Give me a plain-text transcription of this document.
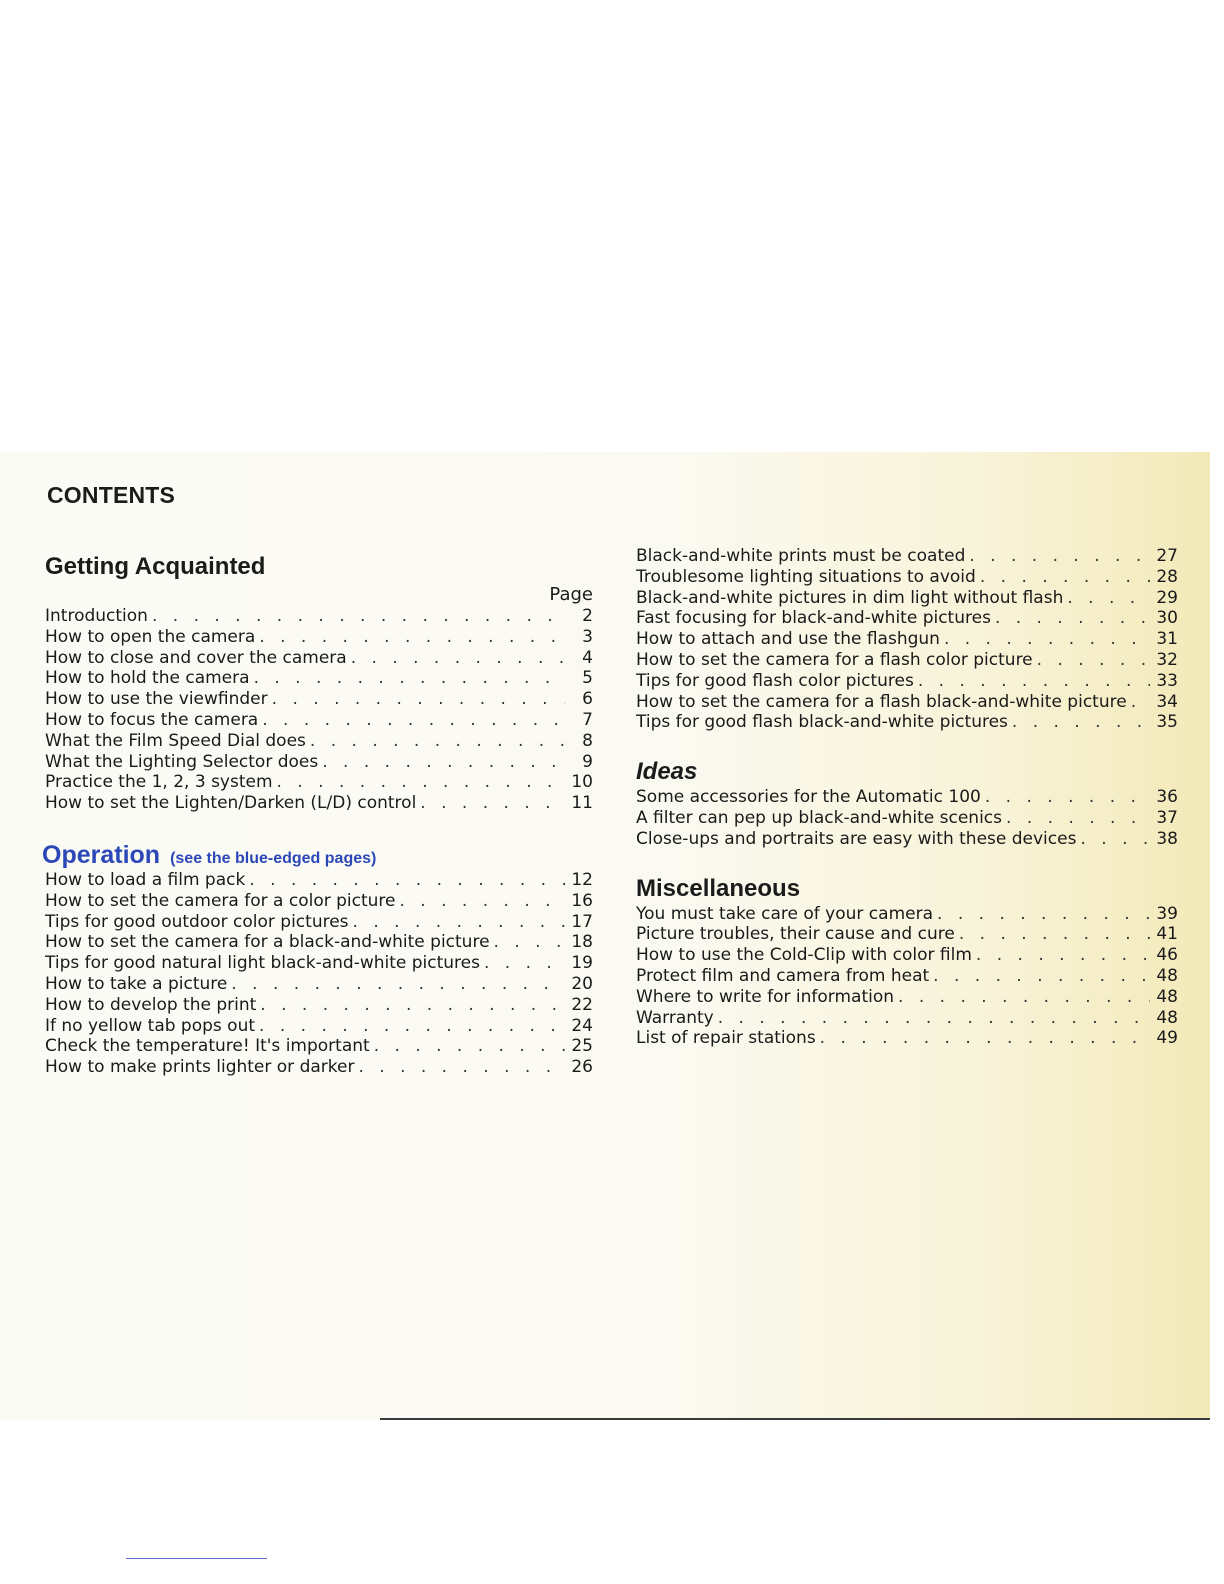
CONTENTS
Getting Acquainted
Page
Introduction . . .	2
How to open the camera . . .	3
How to close and cover the camera . . .	4
How to hold the camera . . .	5
How to use the viewfinder . . .	6
How to focus the camera . . .	7
What the Film Speed Dial does . . .	8
What the Lighting Selector does . . .	9
Practice the 1, 2, 3 system . . .	10
How to set the Lighten/Darken (L/D) control . . .	11
Operation (see the blue-edged pages)
How to load a film pack . . .	12
How to set the camera for a color picture . . .	16
Tips for good outdoor color pictures . . .	17
How to set the camera for a black-and-white picture . . .	18
Tips for good natural light black-and-white pictures . . .	19
How to take a picture . . .	20
How to develop the print . . .	22
If no yellow tab pops out . . .	24
Check the temperature! It's important . . .	25
How to make prints lighter or darker . . .	26
Black-and-white prints must be coated . . .	27
Troublesome lighting situations to avoid . . .	28
Black-and-white pictures in dim light without flash . . .	29
Fast focusing for black-and-white pictures . . .	30
How to attach and use the flashgun . . .	31
How to set the camera for a flash color picture . . .	32
Tips for good flash color pictures . . .	33
How to set the camera for a flash black-and-white picture . . . 34
Tips for good flash black-and-white pictures . . .	35
Ideas
Some accessories for the Automatic 100 . . .	36
A filter can pep up black-and-white scenics . . .	37
Close-ups and portraits are easy with these devices . . .	38
Miscellaneous
You must take care of your camera . . .	39
Picture troubles, their cause and cure . . .	41
How to use the Cold-Clip with color film . . .	46
Protect film and camera from heat . . .	48
Where to write for information . . .	48
Warranty . . .	48
List of repair stations . . .	49
